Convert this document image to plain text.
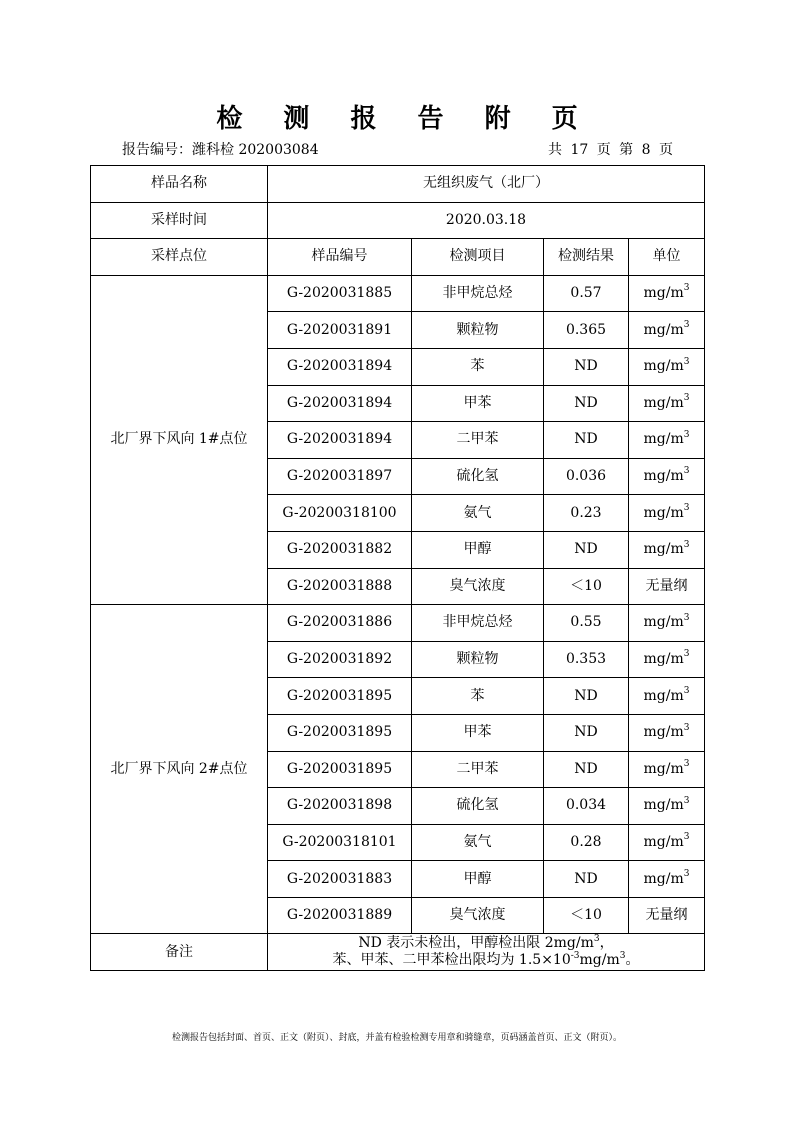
检 测 报 告 附 页
报告编号：潍科检 202003084	共 17 页 第 8 页
样品名称	无组织废气（北厂）			
采样时间	2020.03.18			
采样点位	样品编号	检测项目	检测结果	单位
北厂界下风向 1#点位	G-2020031885	非甲烷总烃	0.57	$mg/m^3$
	G-2020031891	颗粒物	0.365	$mg/m^3$
	G-2020031894	苯	ND	$mg/m^3$
	G-2020031894	甲苯	ND	$mg/m^3$
	G-2020031894	二甲苯	ND	$mg/m^3$
	G-2020031897	硫化氢	0.036	$mg/m^3$
	G-20200318100	氨气	0.23	$mg/m^3$
	G-2020031882	甲醇	ND	$mg/m^3$
	G-2020031888	臭气浓度	＜10	无量纲
北厂界下风向 2#点位	G-2020031886	非甲烷总烃	0.55	$mg/m^3$
	G-2020031892	颗粒物	0.353	$mg/m^3$
	G-2020031895	苯	ND	$mg/m^3$
	G-2020031895	甲苯	ND	$mg/m^3$
	G-2020031895	二甲苯	ND	$mg/m^3$
	G-2020031898	硫化氢	0.034	$mg/m^3$
	G-20200318101	氨气	0.28	$mg/m^3$
	G-2020031883	甲醇	ND	$mg/m^3$
	G-2020031889	臭气浓度	＜10	无量纲
备注	ND 表示未检出，甲醇检出限 $2mg/m^3$，
苯、甲苯、二甲苯检出限均为 $1.5\times 10^{-3}mg/m^3$。			
检测报告包括封面、首页、正文（附页）、封底，并盖有检验检测专用章和骑缝章，页码涵盖首页、正文（附页）。
